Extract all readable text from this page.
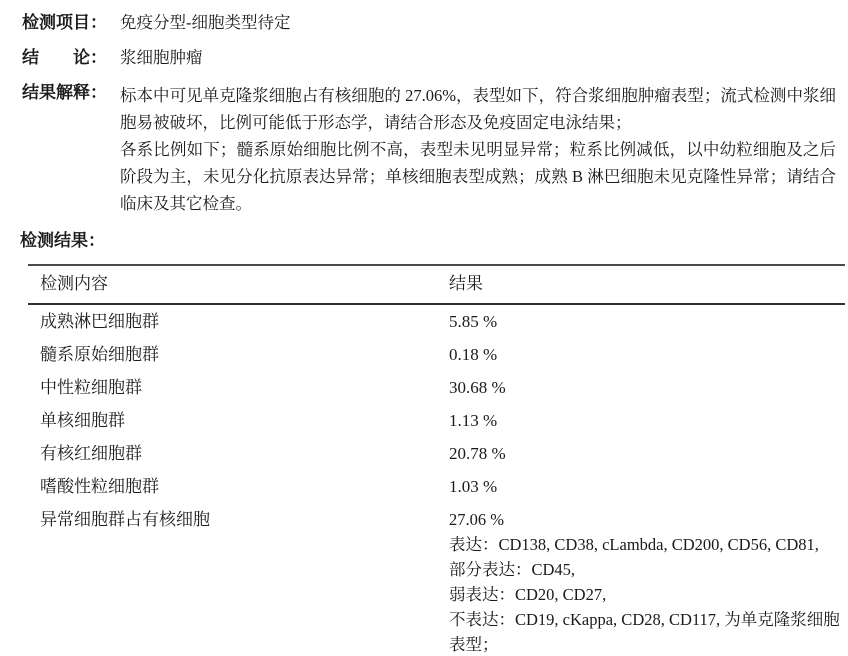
检测项目： 免疫分型-细胞类型待定
结　　论： 浆细胞肿瘤
结果解释： 标本中可见单克隆浆细胞占有核细胞的 27.06%，表型如下，符合浆细胞肿瘤表型；流式检测中浆细胞易被破坏，比例可能低于形态学，请结合形态及免疫固定电泳结果；
各系比例如下；髓系原始细胞比例不高，表型未见明显异常；粒系比例减低，以中幼粒细胞及之后阶段为主，未见分化抗原表达异常；单核细胞表型成熟；成熟 B 淋巴细胞未见克隆性异常；请结合临床及其它检查。
检测结果：
检测内容	结果
成熟淋巴细胞群	5.85 %
髓系原始细胞群	0.18 %
中性粒细胞群	30.68 %
单核细胞群	1.13 %
有核红细胞群	20.78 %
嗜酸性粒细胞群	1.03 %
异常细胞群占有核细胞	27.06 %
表达：CD138, CD38, cLambda, CD200, CD56, CD81,
部分表达：CD45,
弱表达：CD20, CD27,
不表达：CD19, cKappa, CD28, CD117, 为单克隆浆细胞表型；
